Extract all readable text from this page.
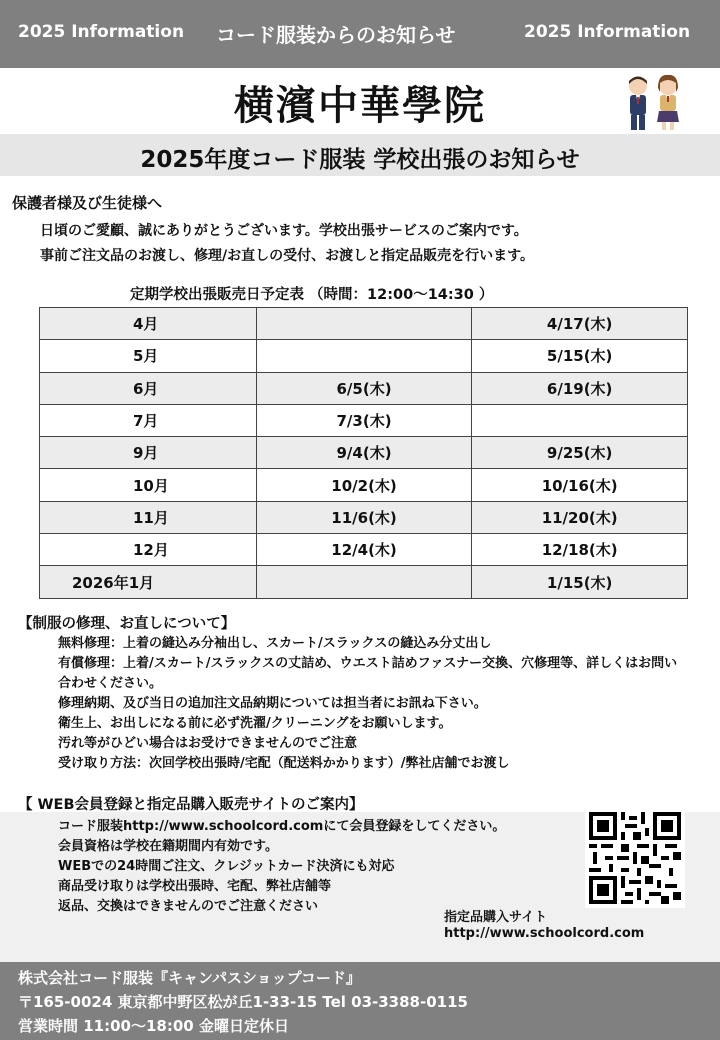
2025 Information コード服装からのお知らせ	2025 Information
横濱中華學院
2025年度コード服装 学校出張のお知らせ
保護者様及び生徒様へ
日頃のご愛顧、誠にありがとうございます。学校出張サービスのご案内です。
事前ご注文品のお渡し、修理/お直しの受付、お渡しと指定品販売を行います。
定期学校出張販売日予定表 （時間：12:00〜14:30 ）
4月		4/17(木)
5月		5/15(木)
6月	6/5(木)	6/19(木)
7月	7/3(木)	
9月	9/4(木)	9/25(木)
10月	10/2(木)	10/16(木)
11月	11/6(木)	11/20(木)
12月	12/4(木)	12/18(木)
2026年1月		1/15(木)
【制服の修理、お直しについて】
無料修理：上着の縫込み分袖出し、スカート/スラックスの縫込み分丈出し
有償修理：上着/スカート/スラックスの丈詰め、ウエスト詰めファスナー交換、穴修理等、詳しくはお問い合わせください。
修理納期、及び当日の追加注文品納期については担当者にお訊ね下さい。
衛生上、お出しになる前に必ず洗濯/クリーニングをお願いします。
汚れ等がひどい場合はお受けできませんのでご注意
受け取り方法：次回学校出張時/宅配（配送料かかります）/弊社店舗でお渡し
【 WEB会員登録と指定品購入販売サイトのご案内】
コード服装http://www.schoolcord.comにて会員登録をしてください。
会員資格は学校在籍期間内有効です。
WEBでの24時間ご注文、クレジットカード決済にも対応
商品受け取りは学校出張時、宅配、弊社店舗等
返品、交換はできませんのでご注意ください
指定品購入サイト
http://www.schoolcord.com
株式会社コード服装『キャンパスショップコード』
〒165-0024 東京都中野区松が丘1-33-15 Tel 03-3388-0115
営業時間 11:00〜18:00 金曜日定休日
